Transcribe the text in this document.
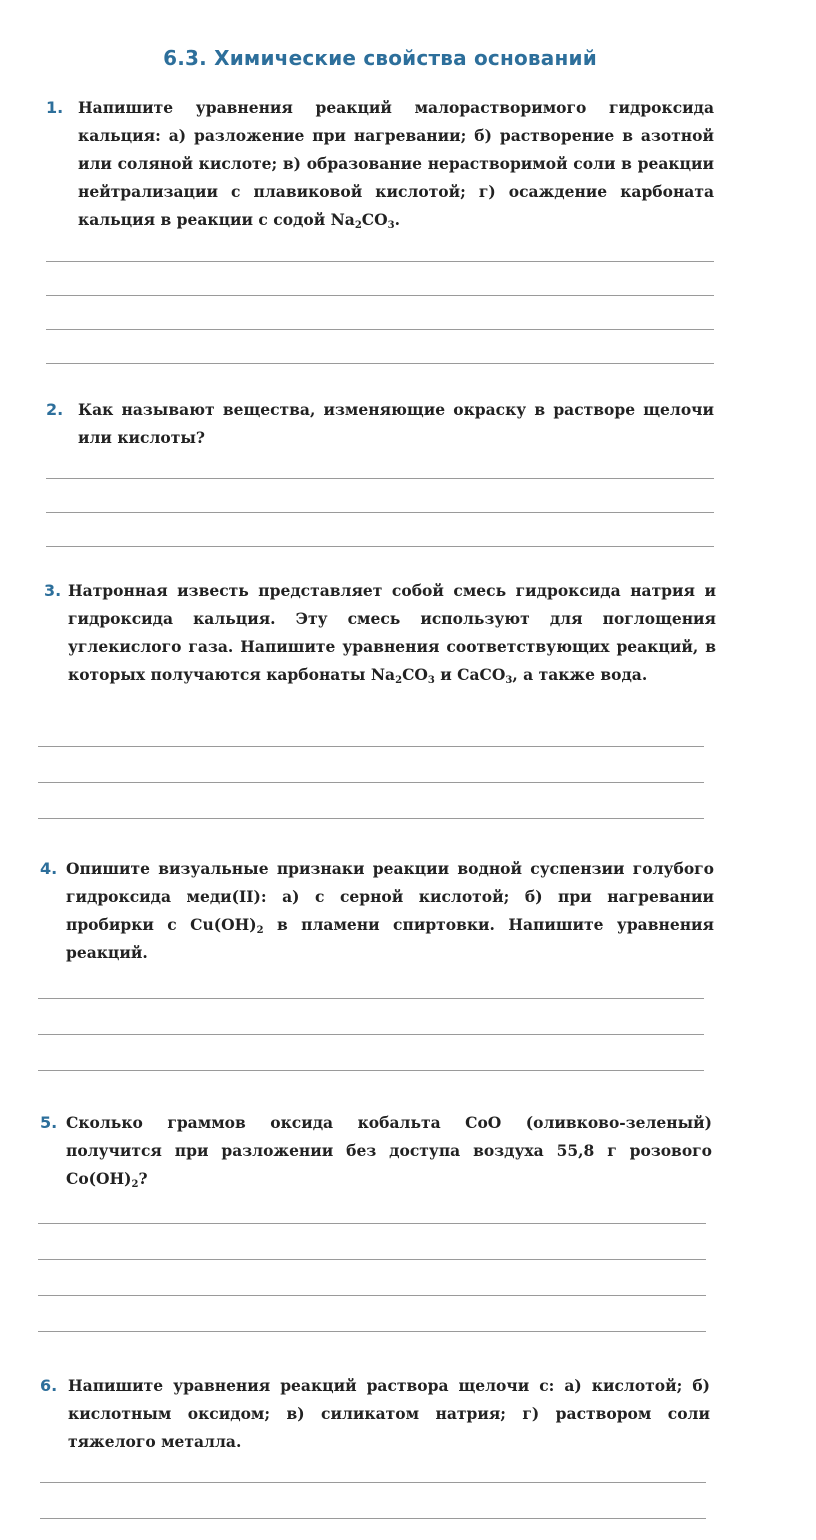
6.3. Химические свойства оснований
1. Напишите уравнения реакций малорастворимого гидроксида кальция: а) разложение при нагревании; б) растворение в азотной или соляной кислоте; в) образование нерастворимой соли в реакции нейтрализации с плавиковой кислотой; г) осаждение карбоната кальция в реакции с содой $Na_2CO_3$.
2. Как называют вещества, изменяющие окраску в растворе щелочи или кислоты?
3. Натронная известь представляет собой смесь гидроксида натрия и гидроксида кальция. Эту смесь используют для поглощения углекислого газа. Напишите уравнения соответствующих реакций, в которых получаются карбонаты $Na_2CO_3$ и CaCO$_3$, а также вода.
4. Опишите визуальные признаки реакции водной суспензии голубого гидроксида меди(II): а) с серной кислотой; б) при нагревании пробирки с $Cu(OH)_2$ в пламени спиртовки. Напишите уравнения реакций.
5. Сколько граммов оксида кобальта CoO (оливково-зеленый) получится при разложении без доступа воздуха 55,8 г розового $Co(OH)_2$?
6. Напишите уравнения реакций раствора щелочи с: а) кислотой; б) кислотным оксидом; в) силикатом натрия; г) раствором соли тяжелого металла.
